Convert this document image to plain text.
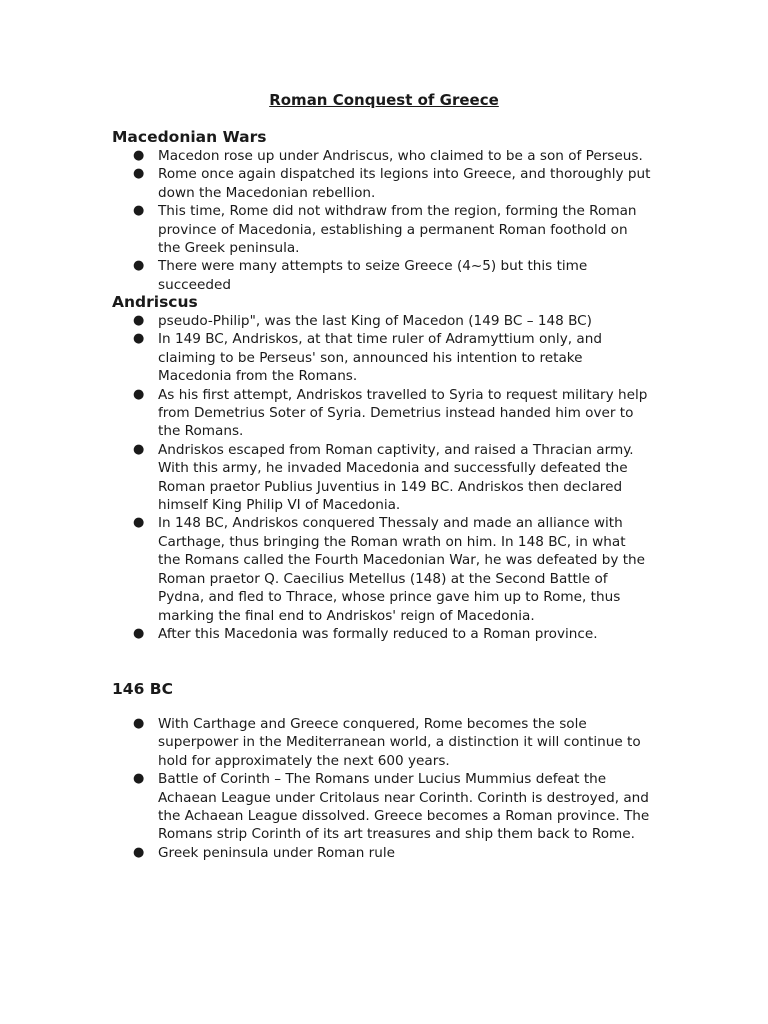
Roman Conquest of Greece
Macedonian Wars
● Macedon rose up under Andriscus, who claimed to be a son of Perseus.
● Rome once again dispatched its legions into Greece, and thoroughly put down the Macedonian rebellion.
● This time, Rome did not withdraw from the region, forming the Roman province of Macedonia, establishing a permanent Roman foothold on the Greek peninsula.
● There were many attempts to seize Greece (4~5) but this time succeeded
Andriscus
● pseudo-Philip", was the last King of Macedon (149 BC – 148 BC)
● In 149 BC, Andriskos, at that time ruler of Adramyttium only, and claiming to be Perseus' son, announced his intention to retake Macedonia from the Romans.
● As his first attempt, Andriskos travelled to Syria to request military help from Demetrius Soter of Syria. Demetrius instead handed him over to the Romans.
● Andriskos escaped from Roman captivity, and raised a Thracian army. With this army, he invaded Macedonia and successfully defeated the Roman praetor Publius Juventius in 149 BC. Andriskos then declared himself King Philip VI of Macedonia.
● In 148 BC, Andriskos conquered Thessaly and made an alliance with Carthage, thus bringing the Roman wrath on him. In 148 BC, in what the Romans called the Fourth Macedonian War, he was defeated by the Roman praetor Q. Caecilius Metellus (148) at the Second Battle of Pydna, and fled to Thrace, whose prince gave him up to Rome, thus marking the final end to Andriskos' reign of Macedonia.
● After this Macedonia was formally reduced to a Roman province.
146 BC
● With Carthage and Greece conquered, Rome becomes the sole superpower in the Mediterranean world, a distinction it will continue to hold for approximately the next 600 years.
● Battle of Corinth – The Romans under Lucius Mummius defeat the Achaean League under Critolaus near Corinth. Corinth is destroyed, and the Achaean League dissolved. Greece becomes a Roman province. The Romans strip Corinth of its art treasures and ship them back to Rome.
● Greek peninsula under Roman rule
